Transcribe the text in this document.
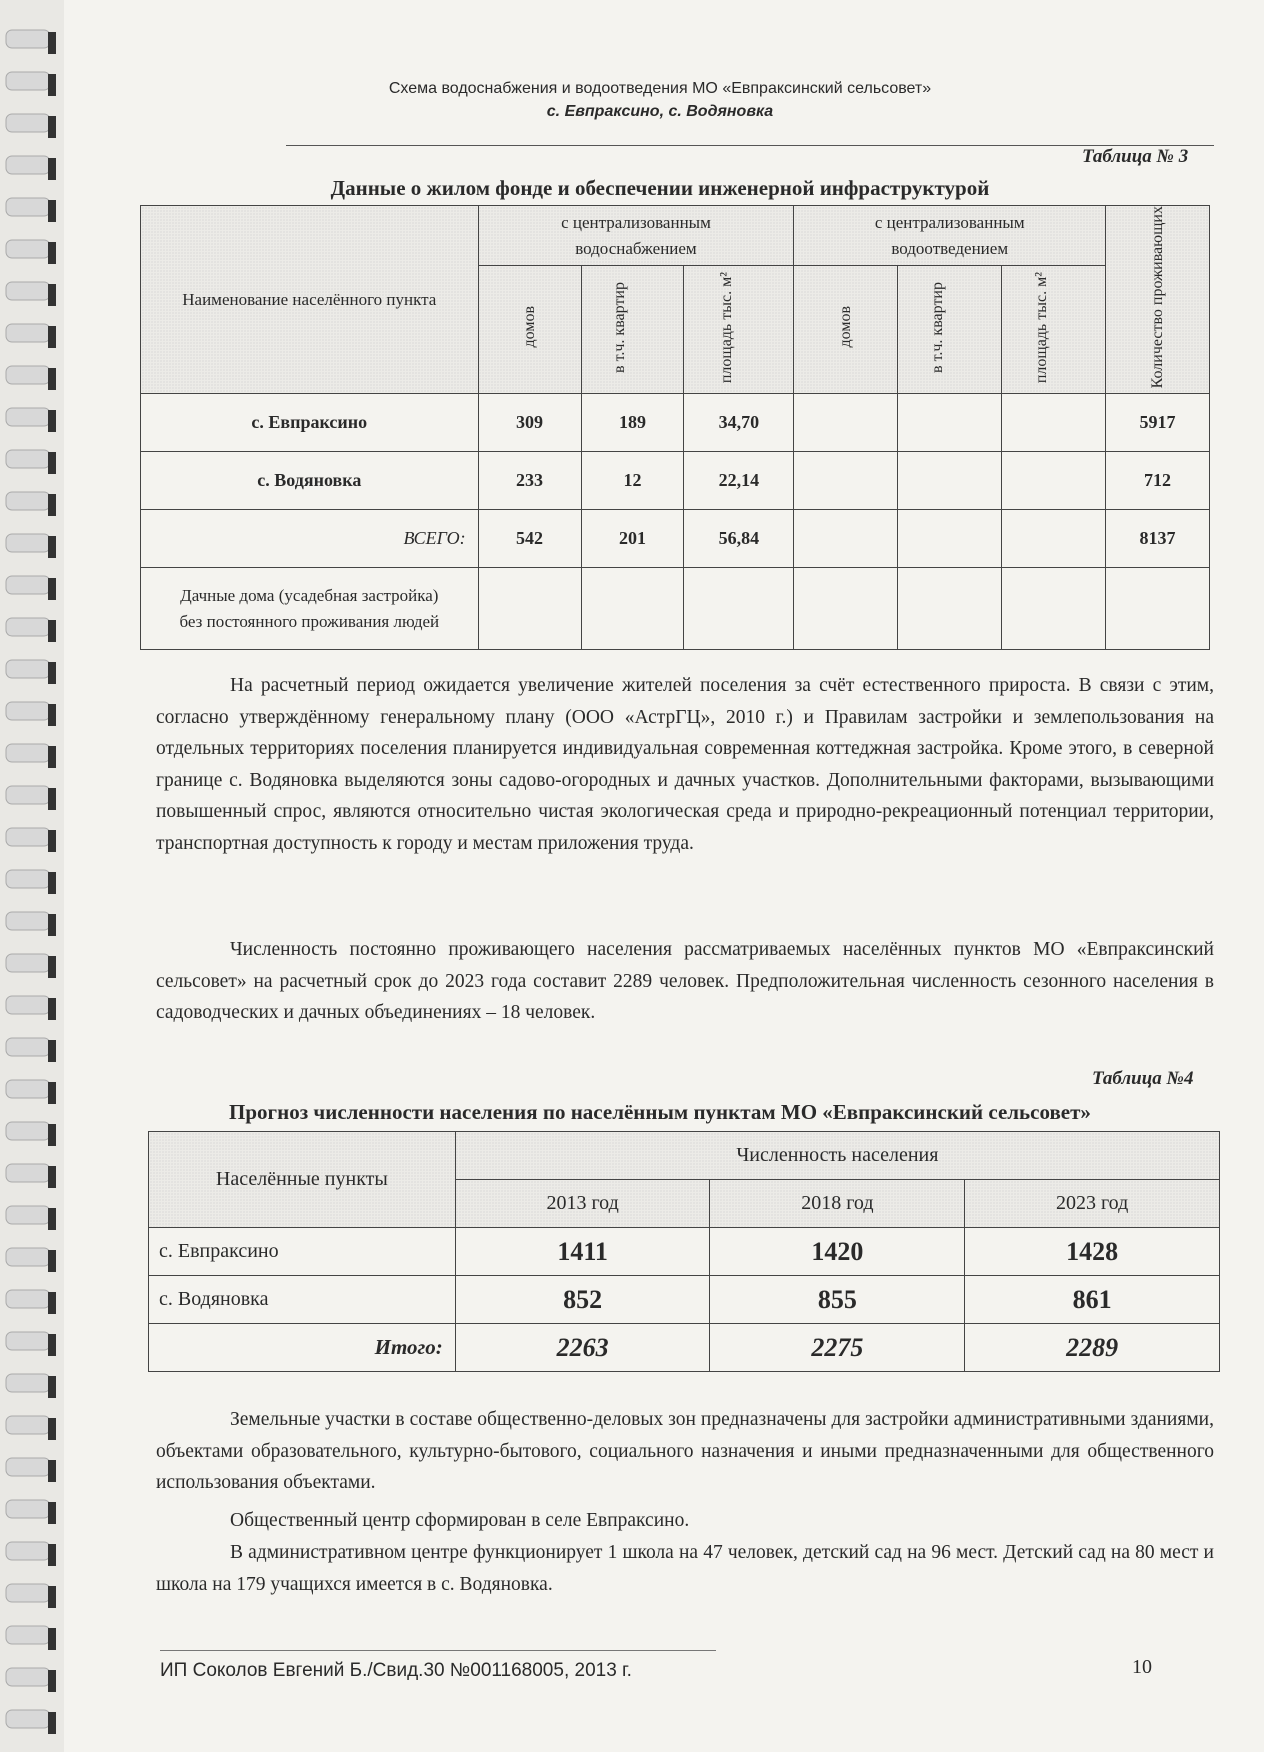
Схема водоснабжения и водоотведения МО «Евпраксинский сельсовет»
с. Евпраксино, с. Водяновка
Таблица № 3
Данные о жилом фонде и обеспечении инженерной инфраструктурой
Наименование населённого пункта	с централизованным водоснабжением			с централизованным водоотведением			Количество проживающих
	домов	в т.ч. квартир	площадь тыс. м²	домов	в т.ч. квартир	площадь тыс. м²	
с. Евпраксино	309	189	34,70				5917
с. Водяновка	233	12	22,14				712
ВСЕГО:	542	201	56,84				8137
Дачные дома (усадебная застройка) без постоянного проживания людей							
На расчетный период ожидается увеличение жителей поселения за счёт естественного прироста. В связи с этим, согласно утверждённому генеральному плану (ООО «АстрГЦ», 2010 г.) и Правилам застройки и землепользования на отдельных территориях поселения планируется индивидуальная современная коттеджная застройка. Кроме этого, в северной границе с. Водяновка выделяются зоны садово-огородных и дачных участков. Дополнительными факторами, вызывающими повышенный спрос, являются относительно чистая экологическая среда и природно-рекреационный потенциал территории, транспортная доступность к городу и местам приложения труда.
Численность постоянно проживающего населения рассматриваемых населённых пунктов МО «Евпраксинский сельсовет» на расчетный срок до 2023 года составит 2289 человек. Предположительная численность сезонного населения в садоводческих и дачных объединениях – 18 человек.
Таблица №4
Прогноз численности населения по населённым пунктам МО «Евпраксинский сельсовет»
Населённые пункты	Численность населения		
	2013 год	2018 год	2023 год
с. Евпраксино	1411	1420	1428
с. Водяновка	852	855	861
Итого:	2263	2275	2289
Земельные участки в составе общественно-деловых зон предназначены для застройки административными зданиями, объектами образовательного, культурно-бытового, социального назначения и иными предназначенными для общественного использования объектами.
Общественный центр сформирован в селе Евпраксино.
В административном центре функционирует 1 школа на 47 человек, детский сад на 96 мест. Детский сад на 80 мест и школа на 179 учащихся имеется в с. Водяновка.
ИП Соколов Евгений Б./Свид.30 №001168005, 2013 г.	10
